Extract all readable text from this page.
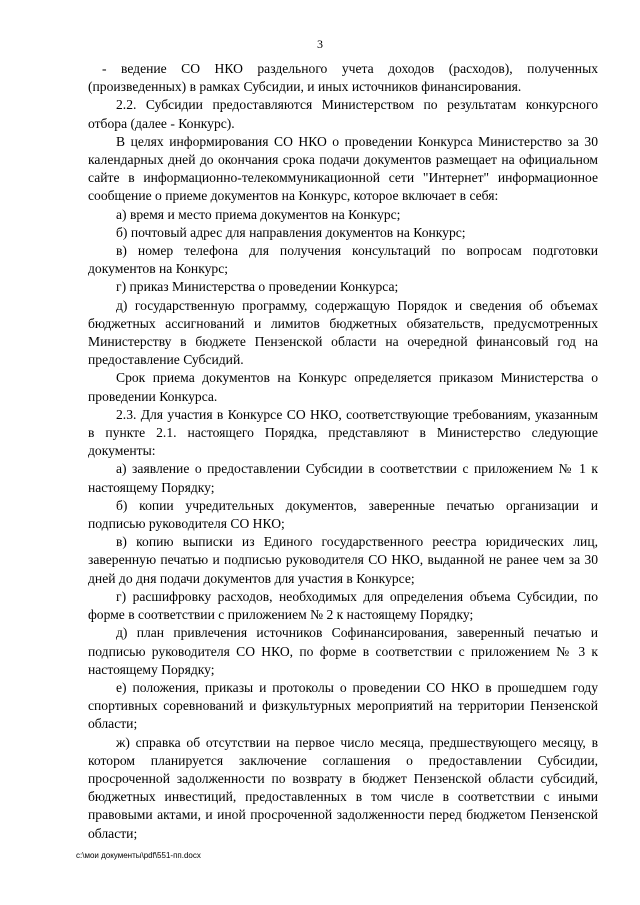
3

- ведение СО НКО раздельного учета доходов (расходов), полученных (произведенных) в рамках Субсидии, и иных источников финансирования.

2.2. Субсидии предоставляются Министерством по результатам конкурсного отбора (далее - Конкурс).

В целях информирования СО НКО о проведении Конкурса Министерство за 30 календарных дней до окончания срока подачи документов размещает на официальном сайте в информационно-телекоммуникационной сети "Интернет" информационное сообщение о приеме документов на Конкурс, которое включает в себя:

а) время и место приема документов на Конкурс;

б) почтовый адрес для направления документов на Конкурс;

в) номер телефона для получения консультаций по вопросам подготовки документов на Конкурс;

г) приказ Министерства о проведении Конкурса;

д) государственную программу, содержащую Порядок и сведения об объемах бюджетных ассигнований и лимитов бюджетных обязательств, предусмотренных Министерству в бюджете Пензенской области на очередной финансовый год на предоставление Субсидий.

Срок приема документов на Конкурс определяется приказом Министерства о проведении Конкурса.

2.3. Для участия в Конкурсе СО НКО, соответствующие требованиям, указанным в пункте 2.1. настоящего Порядка, представляют в Министерство следующие документы:

а) заявление о предоставлении Субсидии в соответствии с приложением № 1 к настоящему Порядку;

б) копии учредительных документов, заверенные печатью организации и подписью руководителя СО НКО;

в) копию выписки из Единого государственного реестра юридических лиц, заверенную печатью и подписью руководителя СО НКО, выданной не ранее чем за 30 дней до дня подачи документов для участия в Конкурсе;

г) расшифровку расходов, необходимых для определения объема Субсидии, по форме в соответствии с приложением № 2 к настоящему Порядку;

д) план привлечения источников Софинансирования, заверенный печатью и подписью руководителя СО НКО, по форме в соответствии с приложением № 3 к настоящему Порядку;

е) положения, приказы и протоколы о проведении СО НКО в прошедшем году спортивных соревнований и физкультурных мероприятий на территории Пензенской области;

ж) справка об отсутствии на первое число месяца, предшествующего месяцу, в котором планируется заключение соглашения о предоставлении Субсидии, просроченной задолженности по возврату в бюджет Пензенской области субсидий, бюджетных инвестиций, предоставленных в том числе в соответствии с иными правовыми актами, и иной просроченной задолженности перед бюджетом Пензенской области;

c:\мои документы\pdf\551-пп.docx
